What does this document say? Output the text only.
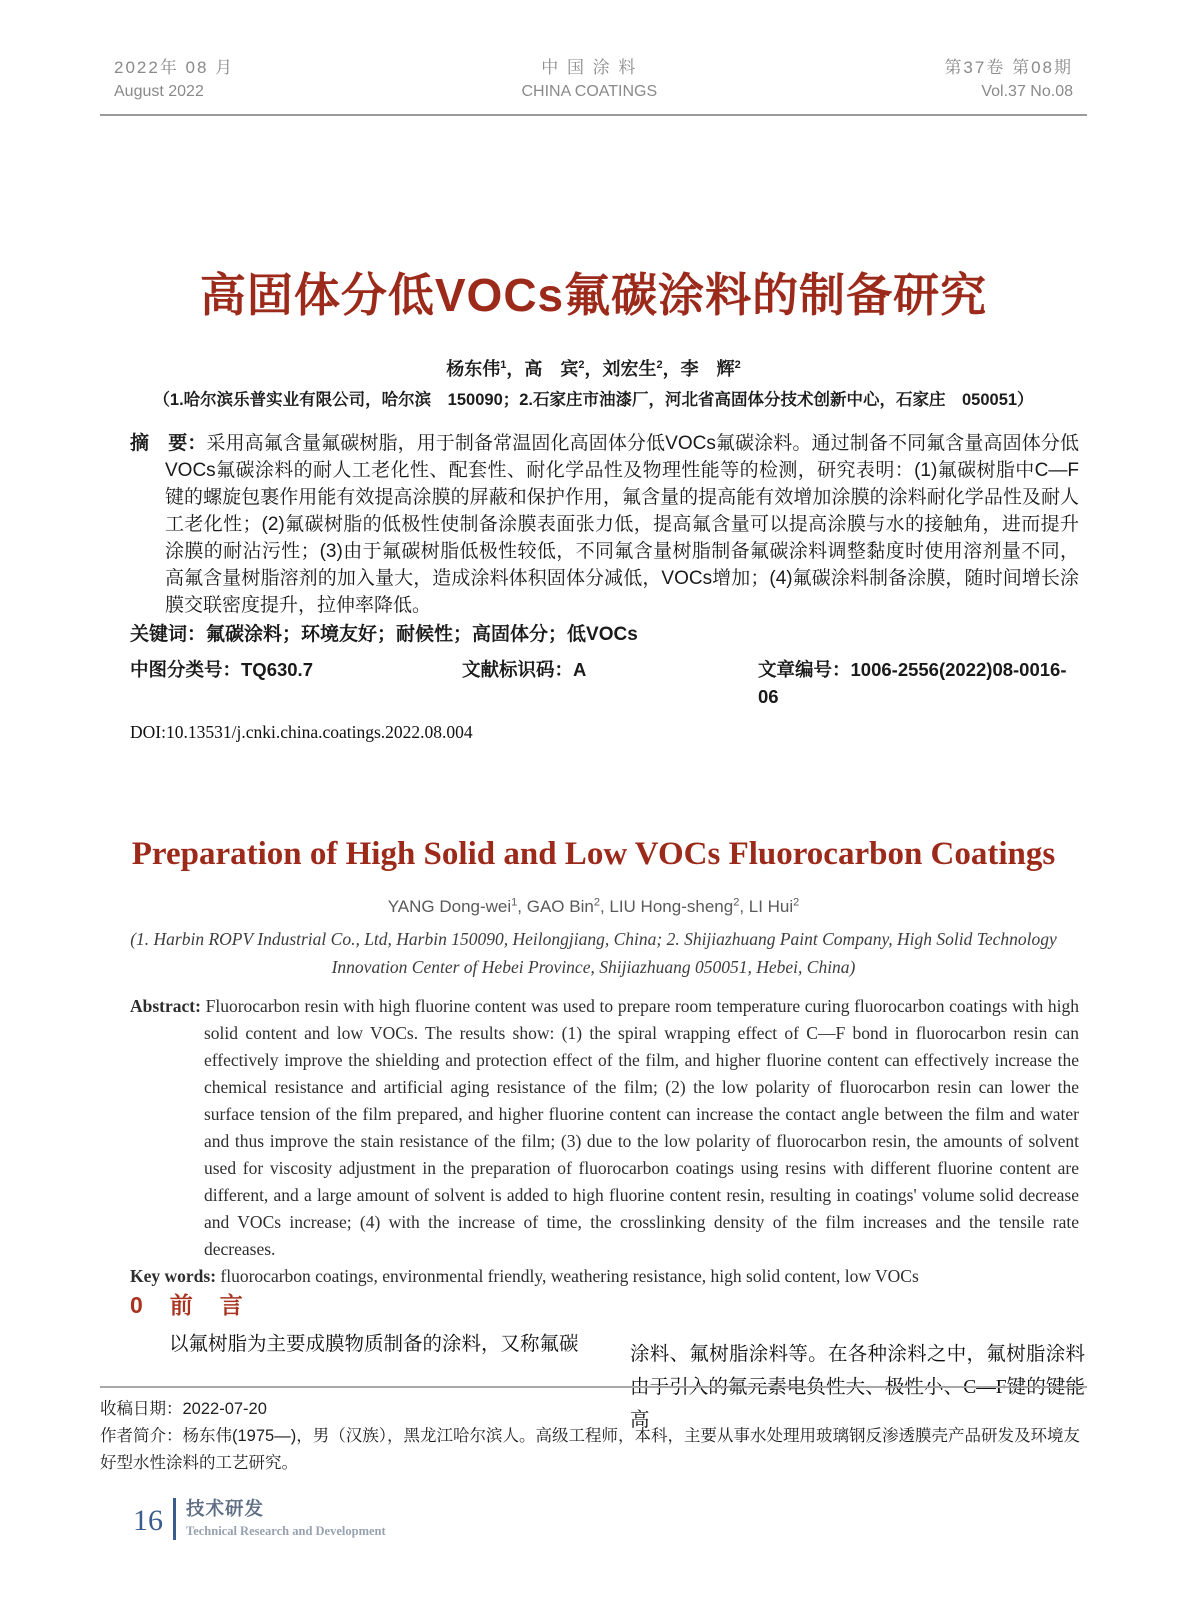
2022年 08 月
August 2022
中 国 涂 料
CHINA COATINGS
第37卷 第08期
Vol.37 No.08
高固体分低VOCs氟碳涂料的制备研究
杨东伟$^1$，高　宾$^2$，刘宏生$^2$，李　辉$^2$
（1.哈尔滨乐普实业有限公司，哈尔滨　150090；2.石家庄市油漆厂，河北省高固体分技术创新中心，石家庄　050051）
摘　要：采用高氟含量氟碳树脂，用于制备常温固化高固体分低VOCs氟碳涂料。通过制备不同氟含量高固体分低VOCs氟碳涂料的耐人工老化性、配套性、耐化学品性及物理性能等的检测，研究表明：(1)氟碳树脂中C—F键的螺旋包裹作用能有效提高涂膜的屏蔽和保护作用，氟含量的提高能有效增加涂膜的涂料耐化学品性及耐人工老化性；(2)氟碳树脂的低极性使制备涂膜表面张力低，提高氟含量可以提高涂膜与水的接触角，进而提升涂膜的耐沾污性；(3)由于氟碳树脂低极性较低，不同氟含量树脂制备氟碳涂料调整黏度时使用溶剂量不同，高氟含量树脂溶剂的加入量大，造成涂料体积固体分减低，VOCs增加；(4)氟碳涂料制备涂膜，随时间增长涂膜交联密度提升，拉伸率降低。
关键词：氟碳涂料；环境友好；耐候性；高固体分；低VOCs
中图分类号：TQ630.7	文献标识码：A	文章编号：1006-2556(2022)08-0016-06
DOI:10.13531/j.cnki.china.coatings.2022.08.004
Preparation of High Solid and Low VOCs Fluorocarbon Coatings
YANG Dong-wei$^1$, GAO Bin$^2$, LIU Hong-sheng$^2$, LI Hui$^2$
(1. Harbin ROPV Industrial Co., Ltd, Harbin 150090, Heilongjiang, China; 2. Shijiazhuang Paint Company, High Solid Technology Innovation Center of Hebei Province, Shijiazhuang 050051, Hebei, China)
Abstract: Fluorocarbon resin with high fluorine content was used to prepare room temperature curing fluorocarbon coatings with high solid content and low VOCs. The results show: (1) the spiral wrapping effect of C—F bond in fluorocarbon resin can effectively improve the shielding and protection effect of the film, and higher fluorine content can effectively increase the chemical resistance and artificial aging resistance of the film; (2) the low polarity of fluorocarbon resin can lower the surface tension of the film prepared, and higher fluorine content can increase the contact angle between the film and water and thus improve the stain resistance of the film; (3) due to the low polarity of fluorocarbon resin, the amounts of solvent used for viscosity adjustment in the preparation of fluorocarbon coatings using resins with different fluorine content are different, and a large amount of solvent is added to high fluorine content resin, resulting in coatings' volume solid decrease and VOCs increase; (4) with the increase of time, the crosslinking density of the film increases and the tensile rate decreases.
Key words: fluorocarbon coatings, environmental friendly, weathering resistance, high solid content, low VOCs
0　前　言
以氟树脂为主要成膜物质制备的涂料，又称氟碳	涂料、氟树脂涂料等。在各种涂料之中，氟树脂涂料由于引入的氟元素电负性大、极性小、C—F键的键能高
收稿日期：2022-07-20
作者简介：杨东伟(1975—)，男（汉族），黑龙江哈尔滨人。高级工程师，本科，主要从事水处理用玻璃钢反渗透膜壳产品研发及环境友好型水性涂料的工艺研究。
16 技术研发
Technical Research and Development
